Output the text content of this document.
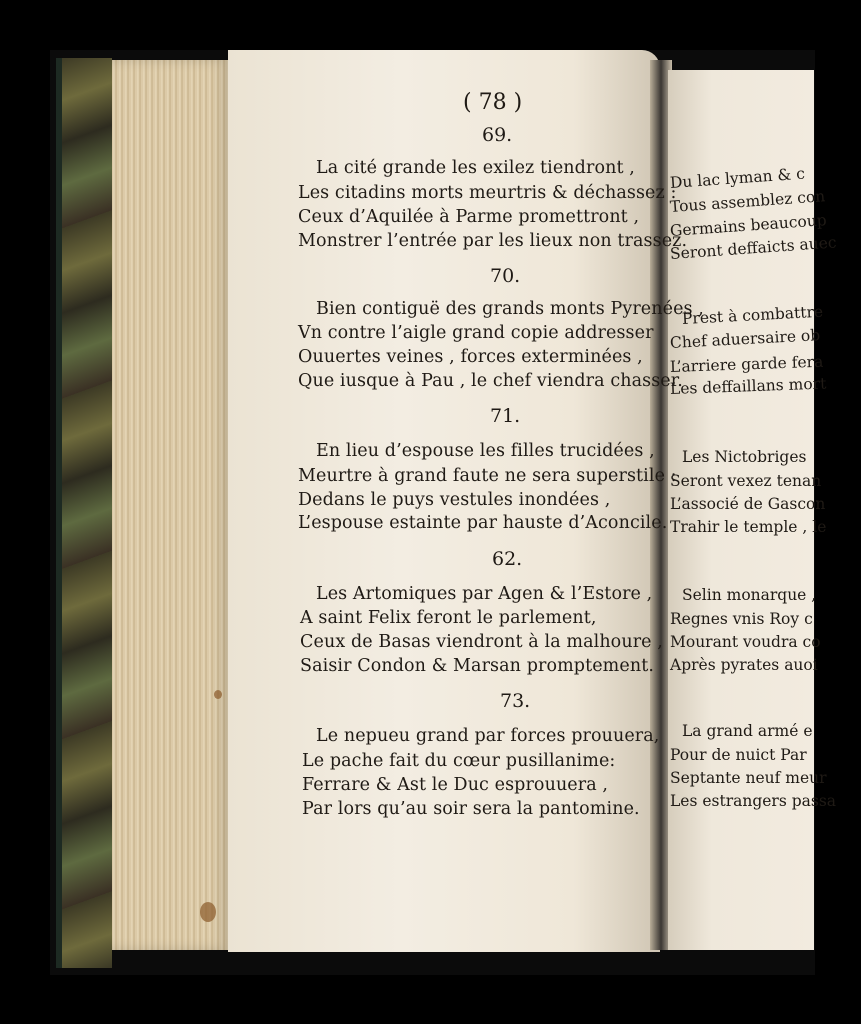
Du lac lyman & c
Tous assemblez con
Germains beaucoup
Seront deffaicts auec
Prest à combattre
Chef aduersaire ob
L’arriere garde fera
Les deffaillans mort
Les Nictobriges
Seront vexez tenan
L’associé de Gascon
Trahir le temple , le
Selin monarque ,
Regnes vnis Roy c
Mourant voudra co
Après pyrates auoi
La grand armé e
Pour de nuict Par
Septante neuf meur
Les estrangers passa
( 78 )
69.
La cité grande les exilez tiendront ,
Les citadins morts meurtris & déchassez :
Ceux d’Aquilée à Parme promettront ,
Monstrer l’entrée par les lieux non trassez.
70.
Bien contiguë des grands monts Pyrenées ,
Vn contre l’aigle grand copie addresser
Ouuertes veines , forces exterminées ,
Que iusque à Pau , le chef viendra chasser.
71.
En lieu d’espouse les filles trucidées ,
Meurtre à grand faute ne sera superstile :
Dedans le puys vestules inondées ,
L’espouse estainte par hauste d’Aconcile.
62.
Les Artomiques par Agen & l’Estore ,
A saint Felix feront le parlement,
Ceux de Basas viendront à la malhoure ,
Saisir Condon & Marsan promptement.
73.
Le nepueu grand par forces prouuera,
Le pache fait du cœur pusillanime:
Ferrare & Ast le Duc esprouuera ,
Par lors qu’au soir sera la pantomine.
